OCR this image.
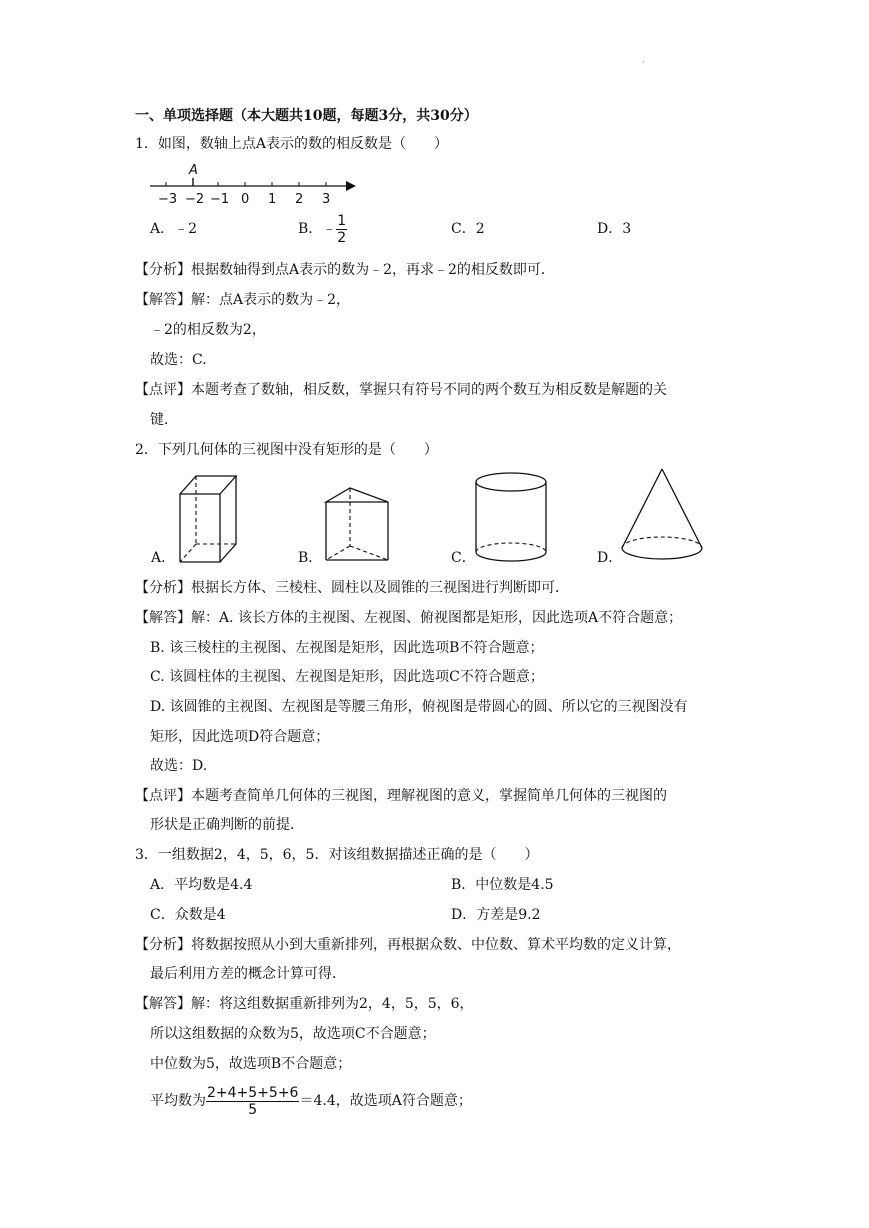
·
一、单项选择题（本大题共10题，每题3分，共30分）
1．如图，数轴上点A表示的数的相反数是（　　）
A
−3 −2 −1 0 1 2 3
A．﹣2	B．﹣ $\frac{1}{2}$	C．2	D．3
【分析】根据数轴得到点A表示的数为﹣2，再求﹣2的相反数即可．
【解答】解：点A表示的数为﹣2，
﹣2的相反数为2，
故选：C.
【点评】本题考查了数轴，相反数，掌握只有符号不同的两个数互为相反数是解题的关
键．
2．下列几何体的三视图中没有矩形的是（　　）
A．	B．	C．	D．
【分析】根据长方体、三棱柱、圆柱以及圆锥的三视图进行判断即可．
【解答】解：A. 该长方体的主视图、左视图、俯视图都是矩形，因此选项A不符合题意；
B. 该三棱柱的主视图、左视图是矩形，因此选项B不符合题意；
C. 该圆柱体的主视图、左视图是矩形，因此选项C不符合题意；
D. 该圆锥的主视图、左视图是等腰三角形，俯视图是带圆心的圆、所以它的三视图没有
矩形，因此选项D符合题意；
故选：D.
【点评】本题考查简单几何体的三视图，理解视图的意义，掌握简单几何体的三视图的
形状是正确判断的前提．
3．一组数据2，4，5，6，5．对该组数据描述正确的是（　　）
A．平均数是4.4	B．中位数是4.5
C．众数是4	D．方差是9.2
【分析】将数据按照从小到大重新排列，再根据众数、中位数、算术平均数的定义计算，
最后利用方差的概念计算可得．
【解答】解：将这组数据重新排列为2，4，5，5，6，
所以这组数据的众数为5，故选项C不合题意；
中位数为5，故选项B不合题意；
平均数为 $\frac{2+4+5+5+6}{5} =4.4$，故选项A符合题意；
